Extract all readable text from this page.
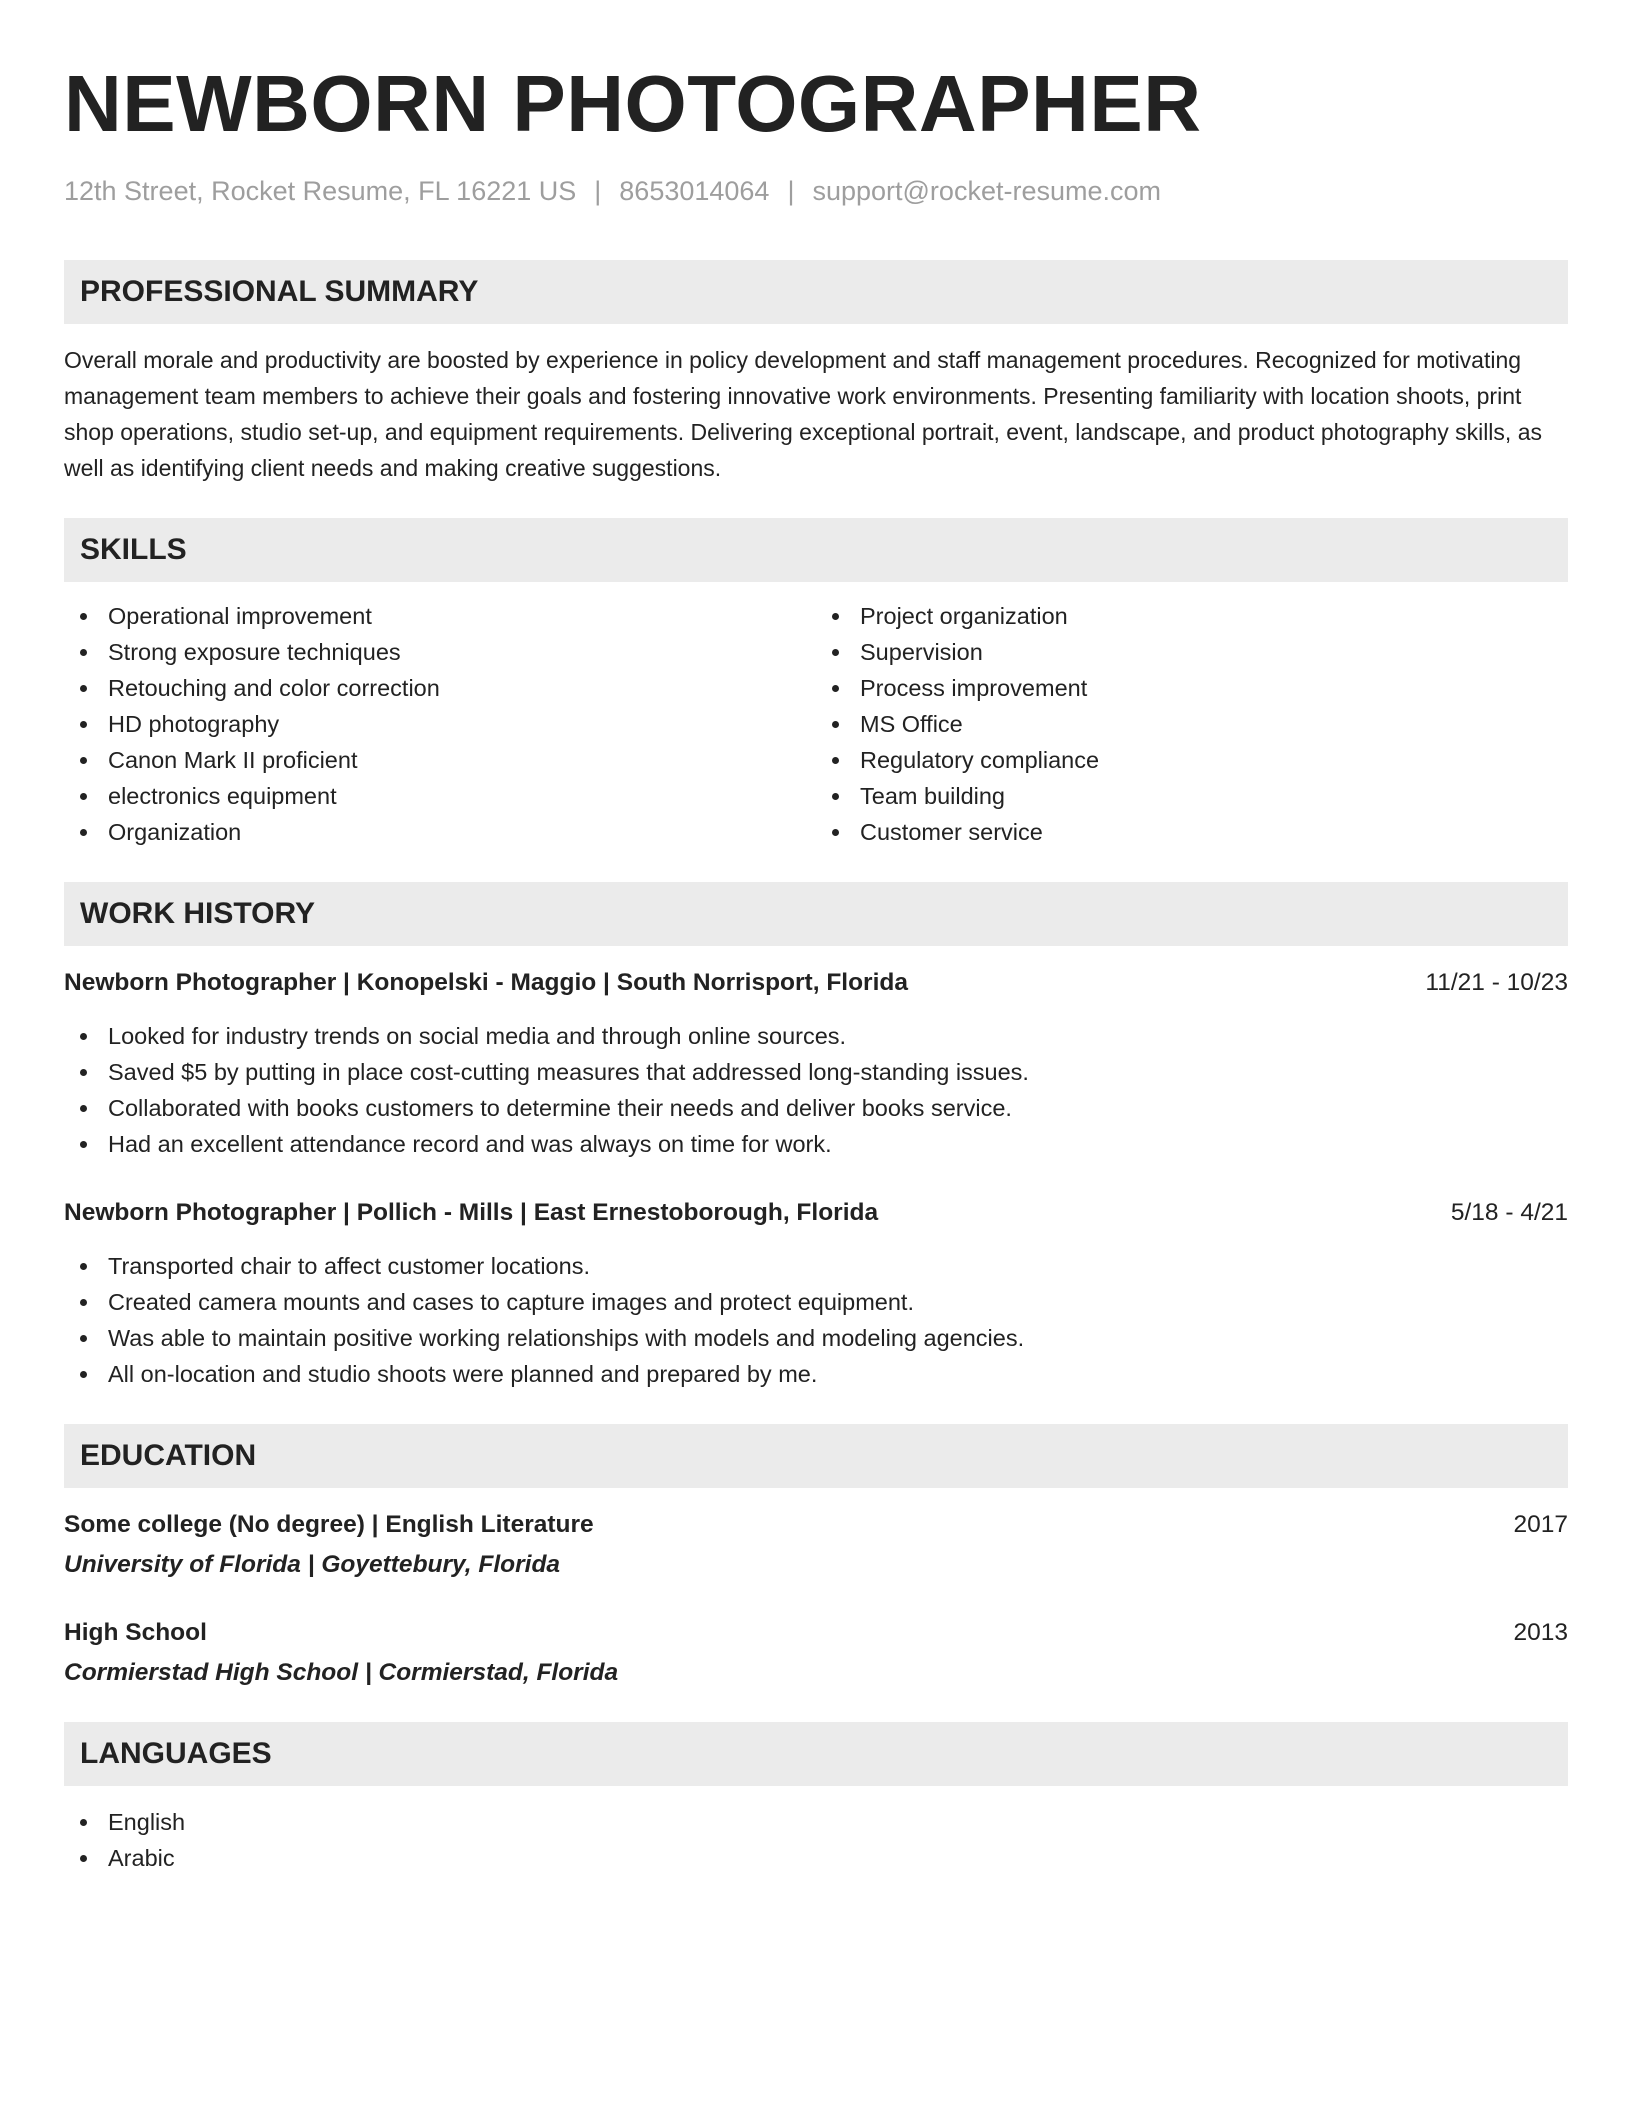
NEWBORN PHOTOGRAPHER
12th Street, Rocket Resume, FL 16221 US | 8653014064 | support@rocket-resume.com
PROFESSIONAL SUMMARY

Overall morale and productivity are boosted by experience in policy development and staff management procedures. Recognized for motivating management team members to achieve their goals and fostering innovative work environments. Presenting familiarity with location shoots, print shop operations, studio set-up, and equipment requirements. Delivering exceptional portrait, event, landscape, and product photography skills, as well as identifying client needs and making creative suggestions.

SKILLS
Operational improvement
Strong exposure techniques
Retouching and color correction
HD photography
Canon Mark II proficient
electronics equipment
Organization
Project organization
Supervision
Process improvement
MS Office
Regulatory compliance
Team building
Customer service
WORK HISTORY
Newborn Photographer | Konopelski - Maggio | South Norrisport, Florida	11/21 - 10/23
Looked for industry trends on social media and through online sources.
Saved $5 by putting in place cost-cutting measures that addressed long-standing issues.
Collaborated with books customers to determine their needs and deliver books service.
Had an excellent attendance record and was always on time for work.
Newborn Photographer | Pollich - Mills | East Ernestoborough, Florida	5/18 - 4/21
Transported chair to affect customer locations.
Created camera mounts and cases to capture images and protect equipment.
Was able to maintain positive working relationships with models and modeling agencies.
All on-location and studio shoots were planned and prepared by me.
EDUCATION
Some college (No degree) | English Literature	2017
University of Florida | Goyettebury, Florida
High School	2013
Cormierstad High School | Cormierstad, Florida
LANGUAGES
English
Arabic
